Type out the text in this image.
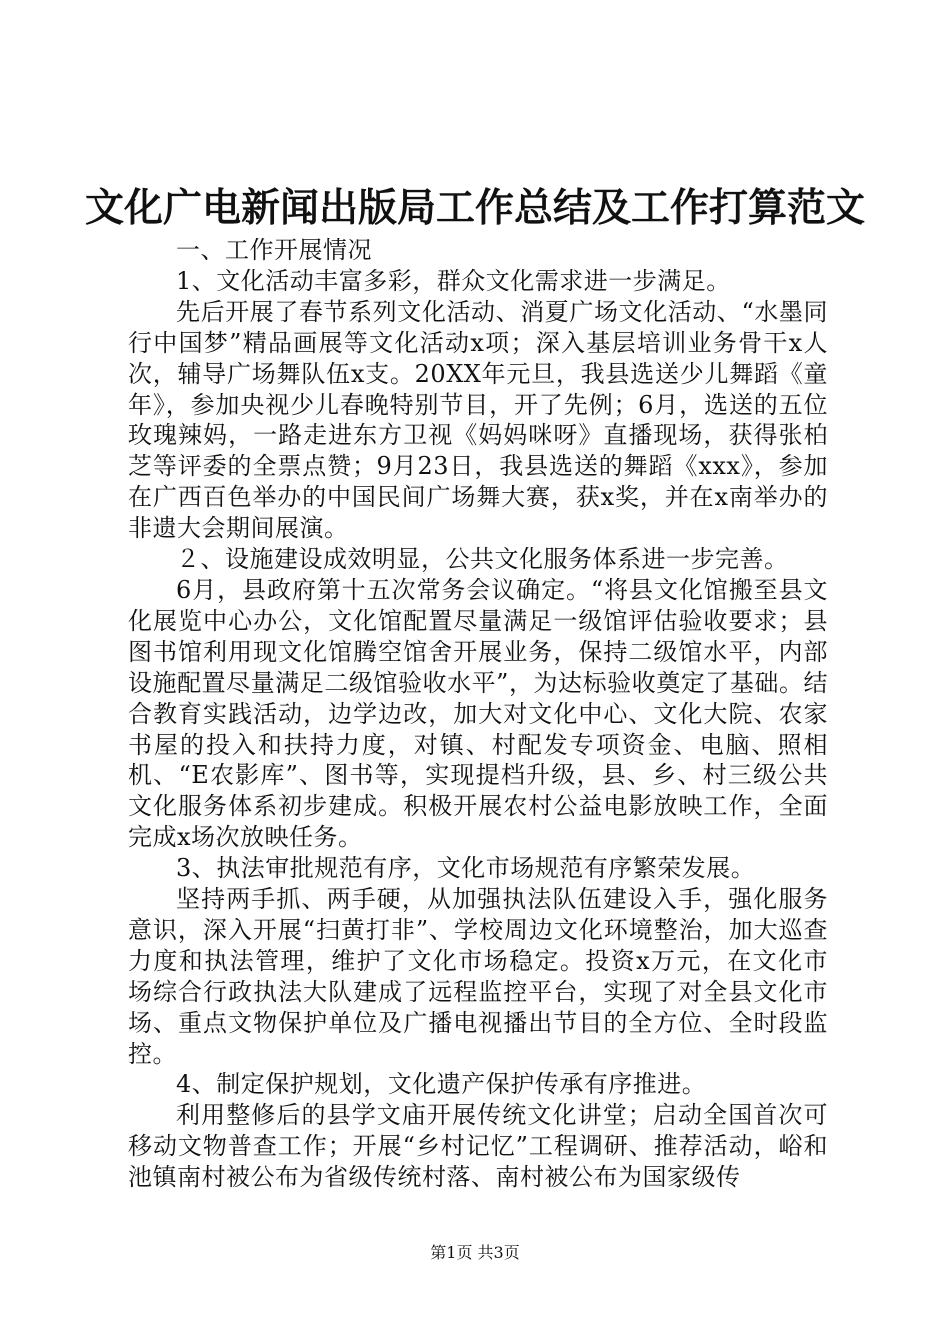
文化广电新闻出版局工作总结及工作打算范文

一、工作开展情况

1、文化活动丰富多彩，群众文化需求进一步满足。

先后开展了春节系列文化活动、消夏广场文化活动、“水墨同行中国梦”精品画展等文化活动x项；深入基层培训业务骨干x人次，辅导广场舞队伍x支。20XX年元旦，我县选送少儿舞蹈《童年》，参加央视少儿春晚特别节目，开了先例；6月，选送的五位玫瑰辣妈，一路走进东方卫视《妈妈咪呀》直播现场，获得张柏芝等评委的全票点赞；9月23日，我县选送的舞蹈《xxx》，参加在广西百色举办的中国民间广场舞大赛，获x奖，并在x南举办的非遗大会期间展演。

２、设施建设成效明显，公共文化服务体系进一步完善。

6月，县政府第十五次常务会议确定。“将县文化馆搬至县文化展览中心办公，文化馆配置尽量满足一级馆评估验收要求；县图书馆利用现文化馆腾空馆舍开展业务，保持二级馆水平，内部设施配置尽量满足二级馆验收水平”，为达标验收奠定了基础。结合教育实践活动，边学边改，加大对文化中心、文化大院、农家书屋的投入和扶持力度，对镇、村配发专项资金、电脑、照相机、“E农影库”、图书等，实现提档升级，县、乡、村三级公共文化服务体系初步建成。积极开展农村公益电影放映工作，全面完成x场次放映任务。

3、执法审批规范有序，文化市场规范有序繁荣发展。

坚持两手抓、两手硬，从加强执法队伍建设入手，强化服务意识，深入开展“扫黄打非”、学校周边文化环境整治，加大巡查力度和执法管理，维护了文化市场稳定。投资x万元，在文化市场综合行政执法大队建成了远程监控平台，实现了对全县文化市场、重点文物保护单位及广播电视播出节目的全方位、全时段监控。

4、制定保护规划，文化遗产保护传承有序推进。

利用整修后的县学文庙开展传统文化讲堂；启动全国首次可移动文物普查工作；开展“乡村记忆”工程调研、推荐活动，峪和池镇南村被公布为省级传统村落、南村被公布为国家级传

第1页 共3页
